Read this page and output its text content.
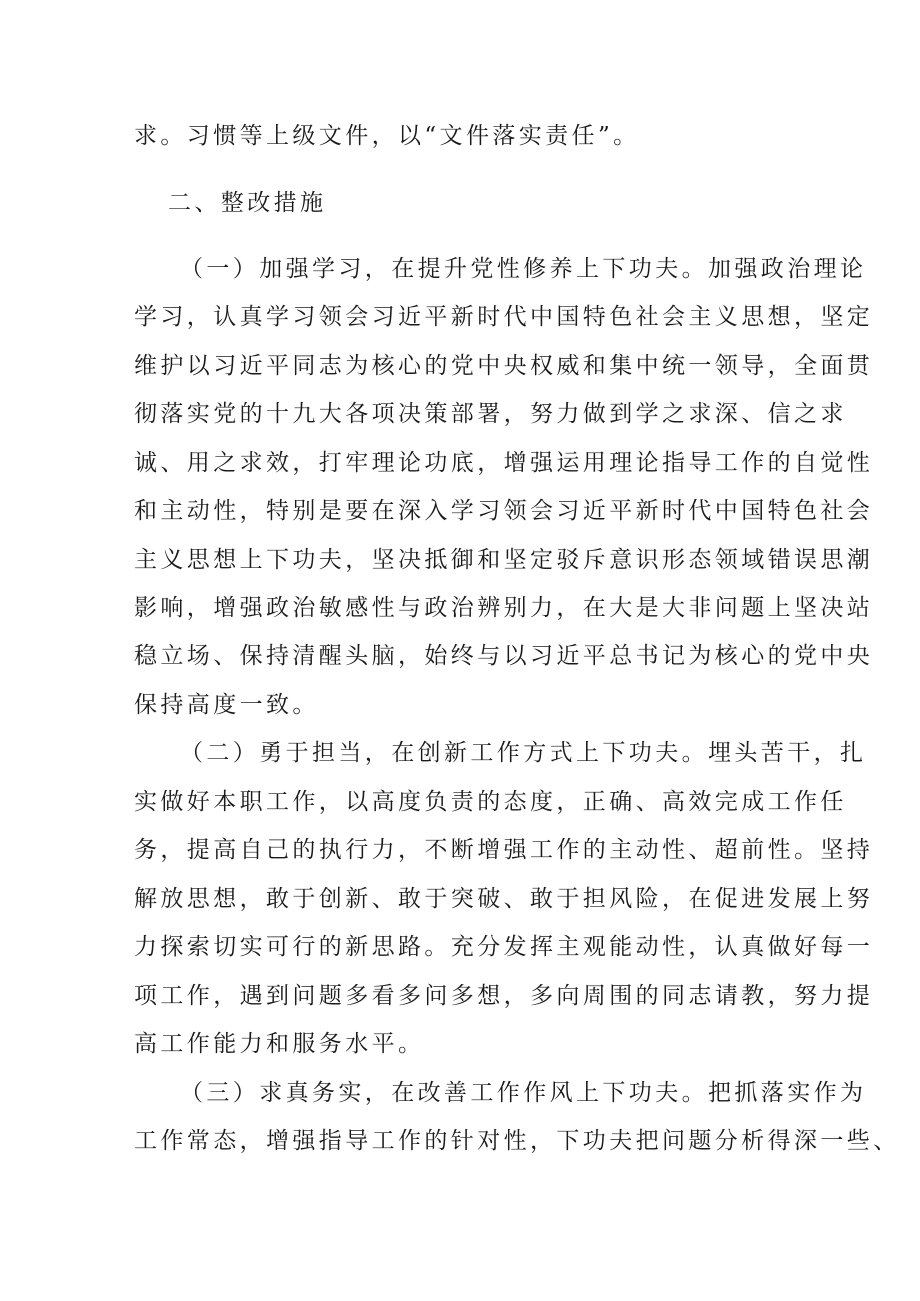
求。习惯等上级文件，以“文件落实责任”。
二、整改措施
（一）加强学习，在提升党性修养上下功夫。加强政治理论
学习，认真学习领会习近平新时代中国特色社会主义思想，坚定
维护以习近平同志为核心的党中央权威和集中统一领导，全面贯
彻落实党的十九大各项决策部署，努力做到学之求深、信之求
诚、用之求效，打牢理论功底，增强运用理论指导工作的自觉性
和主动性，特别是要在深入学习领会习近平新时代中国特色社会
主义思想上下功夫，坚决抵御和坚定驳斥意识形态领域错误思潮
影响，增强政治敏感性与政治辨别力，在大是大非问题上坚决站
稳立场、保持清醒头脑，始终与以习近平总书记为核心的党中央
保持高度一致。
（二）勇于担当，在创新工作方式上下功夫。埋头苦干，扎
实做好本职工作，以高度负责的态度，正确、高效完成工作任
务，提高自己的执行力，不断增强工作的主动性、超前性。坚持
解放思想，敢于创新、敢于突破、敢于担风险，在促进发展上努
力探索切实可行的新思路。充分发挥主观能动性，认真做好每一
项工作，遇到问题多看多问多想，多向周围的同志请教，努力提
高工作能力和服务水平。
（三）求真务实，在改善工作作风上下功夫。把抓落实作为
工作常态，增强指导工作的针对性，下功夫把问题分析得深一些、
